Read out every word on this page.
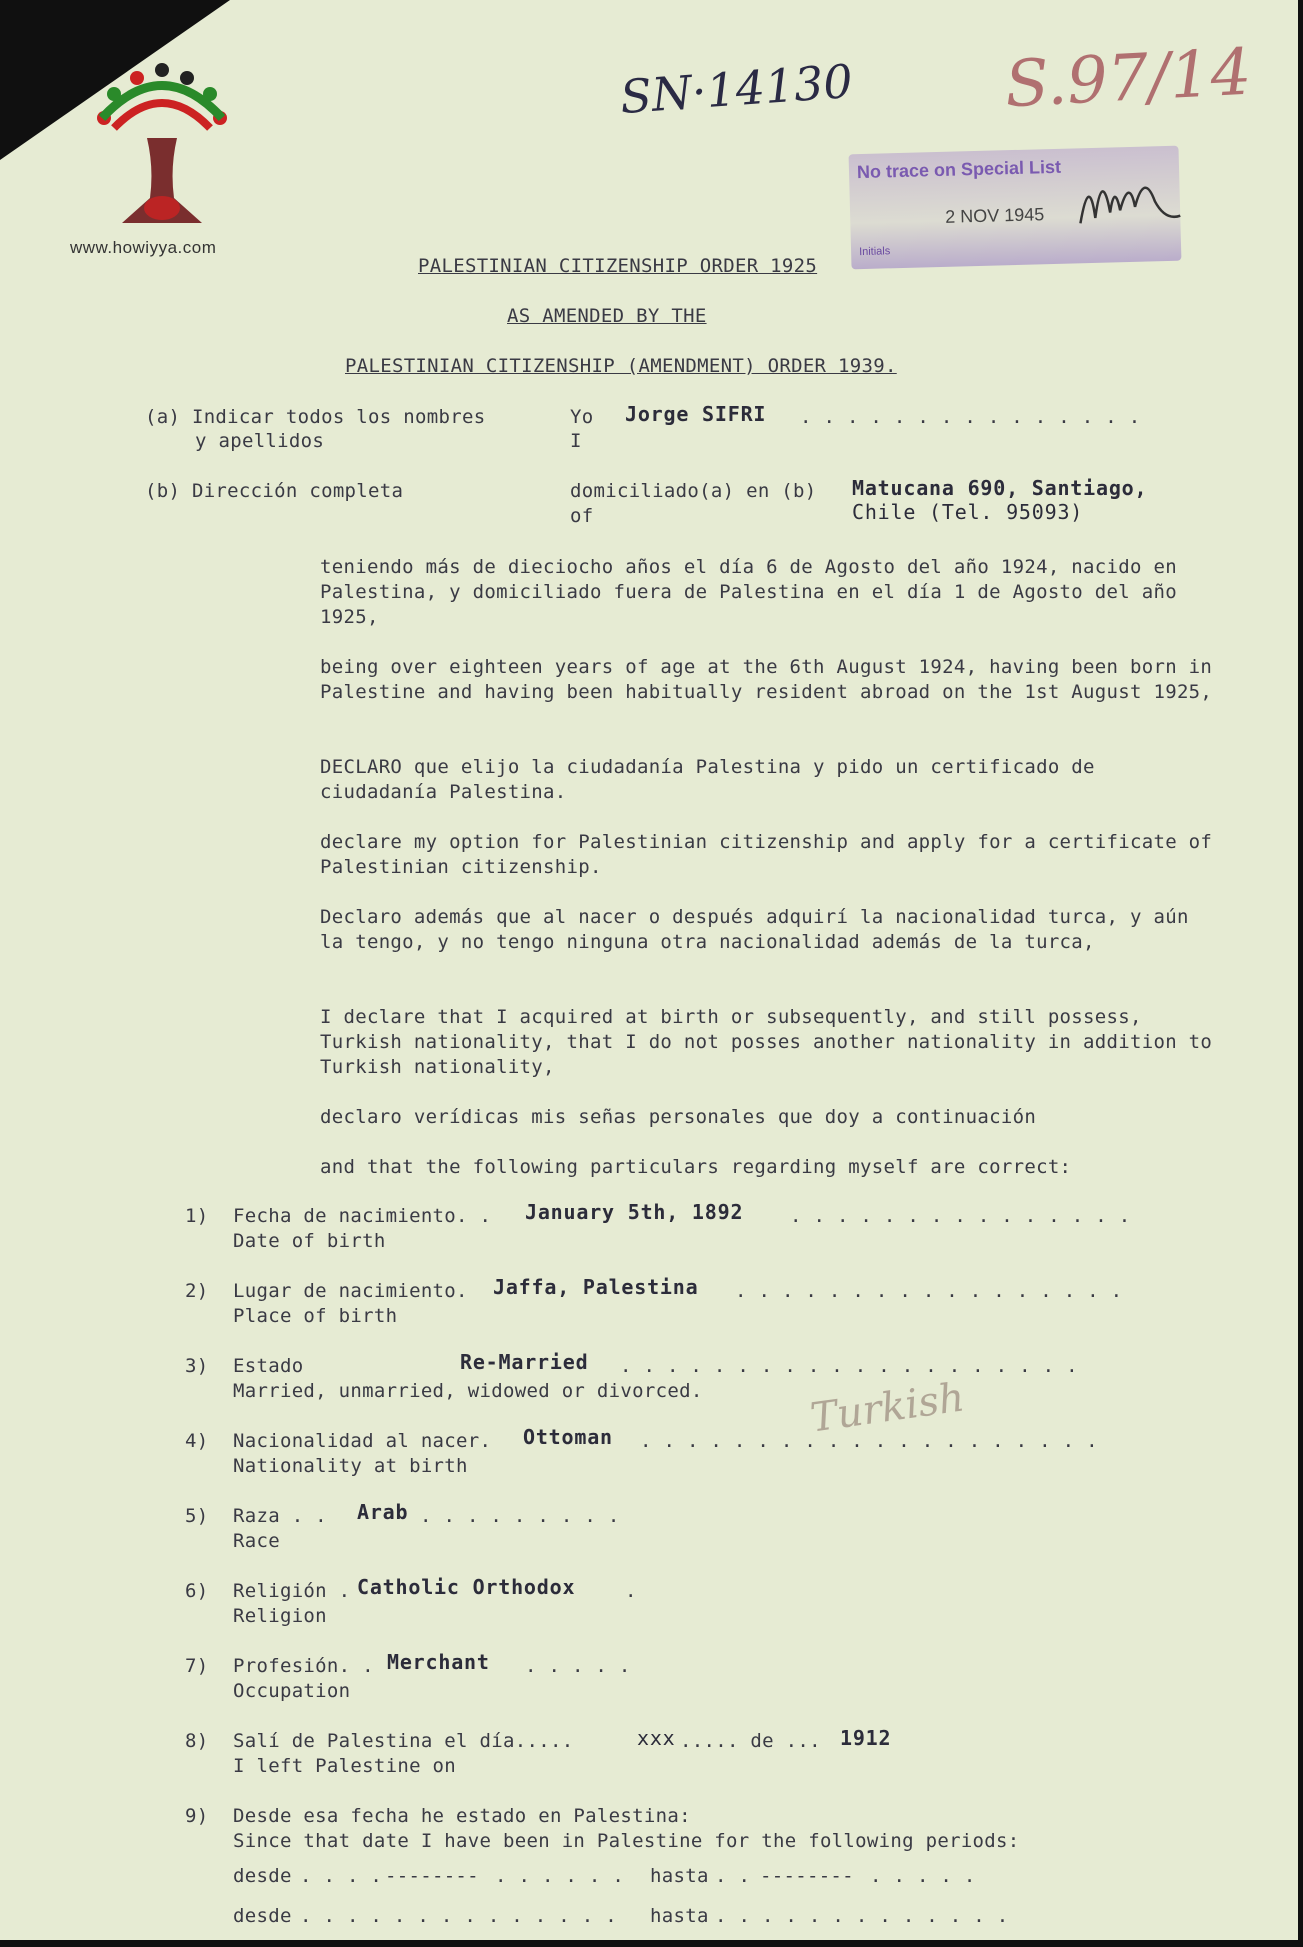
www.howiyya.com
SN·14130 S.97/14
No trace on Special List
2 NOV 1945
Initials
PALESTINIAN CITIZENSHIP ORDER 1925
AS AMENDED BY THE
PALESTINIAN CITIZENSHIP (AMENDMENT) ORDER 1939.
(a) Indicar todos los nombres
y apellidos
Yo
I
Jorge SIFRI . . . . . . . . . . . . . . .
(b) Dirección completa	domiciliado(a) en (b)
of
Matucana 690, Santiago,
Chile (Tel. 95093)
teniendo más de dieciocho años el día 6 de Agosto del año 1924, nacido en Palestina, y domiciliado fuera de Palestina en el día 1 de Agosto del año 1925,
being over eighteen years of age at the 6th August 1924, having been born in Palestine and having been habitually resident abroad on the 1st August 1925,
DECLARO que elijo la ciudadanía Palestina y pido un certificado de ciudadanía Palestina.
declare my option for Palestinian citizenship and apply for a certificate of Palestinian citizenship.
Declaro además que al nacer o después adquirí la nacionalidad turca, y aún la tengo, y no tengo ninguna otra nacionalidad además de la turca,
I declare that I acquired at birth or subsequently, and still possess, Turkish nationality, that I do not posses another nationality in addition to Turkish nationality,
declaro verídicas mis señas personales que doy a continuación
and that the following particulars regarding myself are correct:
1) Fecha de nacimiento. .
Date of birth
January 5th, 1892 . . . . . . . . . . . . . . .
2) Lugar de nacimiento.
Place of birth
Jaffa, Palestina . . . . . . . . . . . . . . . . .
3) Estado
Married, unmarried, widowed or divorced.
Re-Married . . . . . . . . . . . . . . . . . . . .
4) Nacionalidad al nacer.
Nationality at birth
Ottoman . . . . . . . . . . . . . . . . . . . .
Turkish
5) Raza . .
Race
Arab . . . . . . . . .
6) Religión .
Religion
Catholic Orthodox	.
7) Profesión. .
Occupation
Merchant . . . . .
8) Salí de Palestina el día.....
I left Palestine on
xxx ..... de ... 1912
9) Desde esa fecha he estado en Palestina:
Since that date I have been in Palestine for the following periods:
desde . . . . -------- . . . . . . hasta . . -------- . . . . .
desde . . . . . . . . . . . . . . hasta . . . . . . . . . . . . .
